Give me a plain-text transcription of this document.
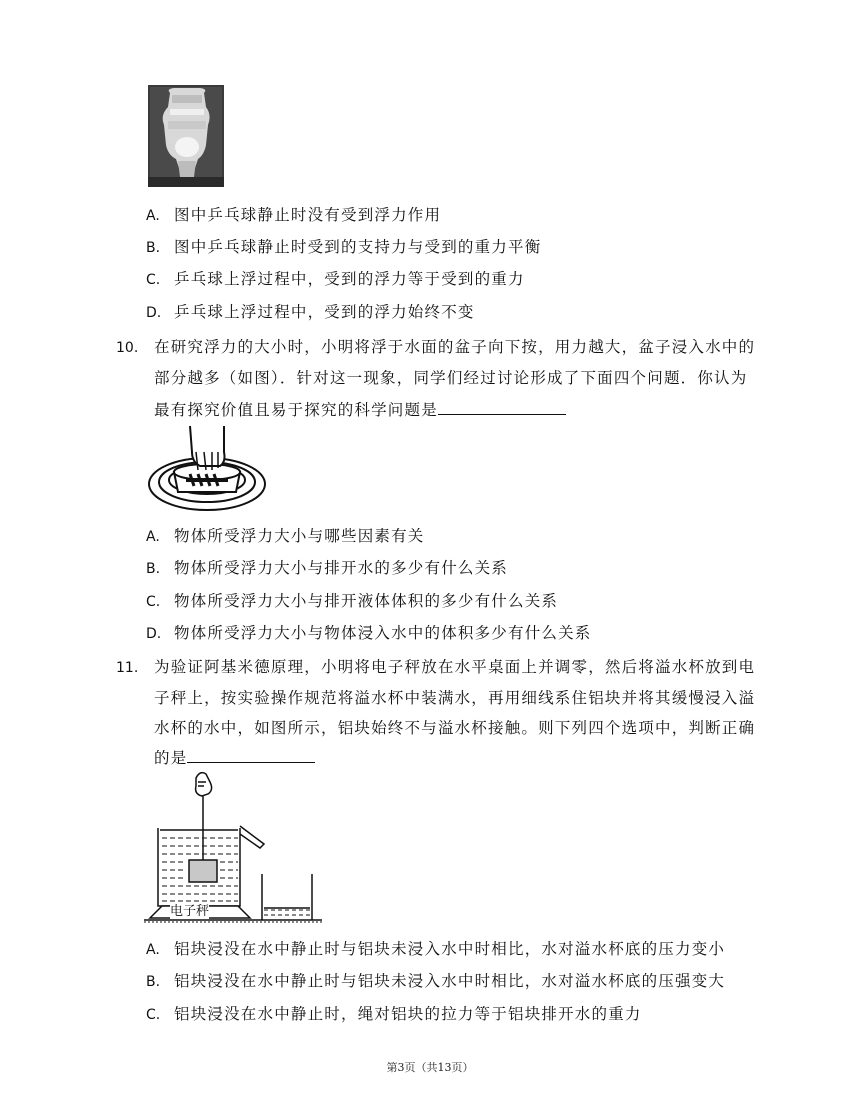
A. 图中乒乓球静止时没有受到浮力作用
B. 图中乒乓球静止时受到的支持力与受到的重力平衡
C. 乒乓球上浮过程中，受到的浮力等于受到的重力
D. 乒乓球上浮过程中，受到的浮力始终不变
10. 在研究浮力的大小时，小明将浮于水面的盆子向下按，用力越大，盆子浸入水中的
部分越多（如图）．针对这一现象，同学们经过讨论形成了下面四个问题．你认为
最有探究价值且易于探究的科学问题是
A. 物体所受浮力大小与哪些因素有关
B. 物体所受浮力大小与排开水的多少有什么关系
C. 物体所受浮力大小与排开液体体积的多少有什么关系
D. 物体所受浮力大小与物体浸入水中的体积多少有什么关系
11. 为验证阿基米德原理，小明将电子秤放在水平桌面上并调零，然后将溢水杯放到电
子秤上，按实验操作规范将溢水杯中装满水，再用细线系住铝块并将其缓慢浸入溢
水杯的水中，如图所示，铝块始终不与溢水杯接触。则下列四个选项中，判断正确
的是
电子秤
A. 铝块浸没在水中静止时与铝块未浸入水中时相比，水对溢水杯底的压力变小
B. 铝块浸没在水中静止时与铝块未浸入水中时相比，水对溢水杯底的压强变大
C. 铝块浸没在水中静止时，绳对铝块的拉力等于铝块排开水的重力
第3页（共13页）
